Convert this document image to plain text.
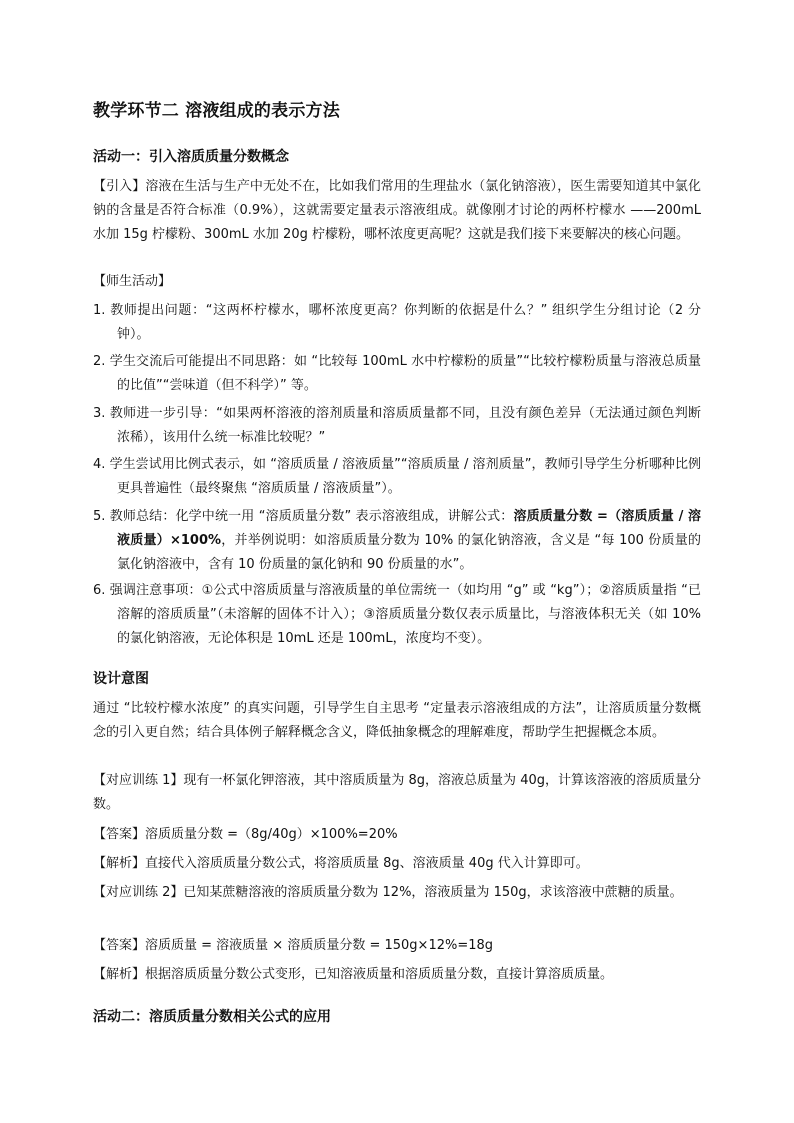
教学环节二 溶液组成的表示方法
活动一：引入溶质质量分数概念
【引入】溶液在生活与生产中无处不在，比如我们常用的生理盐水（氯化钠溶液），医生需要知道其中氯化钠的含量是否符合标准（0.9%），这就需要定量表示溶液组成。就像刚才讨论的两杯柠檬水 ——200mL 水加 15g 柠檬粉、300mL 水加 20g 柠檬粉，哪杯浓度更高呢？这就是我们接下来要解决的核心问题。
【师生活动】
1. 教师提出问题：“这两杯柠檬水，哪杯浓度更高？你判断的依据是什么？” 组织学生分组讨论（2 分钟）。
2. 学生交流后可能提出不同思路：如 “比较每 100mL 水中柠檬粉的质量”“比较柠檬粉质量与溶液总质量的比值”“尝味道（但不科学）” 等。
3. 教师进一步引导：“如果两杯溶液的溶剂质量和溶质质量都不同，且没有颜色差异（无法通过颜色判断浓稀），该用什么统一标准比较呢？”
4. 学生尝试用比例式表示，如 “溶质质量 / 溶液质量”“溶质质量 / 溶剂质量”，教师引导学生分析哪种比例更具普遍性（最终聚焦 “溶质质量 / 溶液质量”）。
5. 教师总结：化学中统一用 “溶质质量分数” 表示溶液组成，讲解公式：溶质质量分数 =（溶质质量 / 溶液质量）×100%，并举例说明：如溶质质量分数为 10% 的氯化钠溶液，含义是 “每 100 份质量的氯化钠溶液中，含有 10 份质量的氯化钠和 90 份质量的水”。
6. 强调注意事项：①公式中溶质质量与溶液质量的单位需统一（如均用 “g” 或 “kg”）；②溶质质量指 “已溶解的溶质质量”（未溶解的固体不计入）；③溶质质量分数仅表示质量比，与溶液体积无关（如 10% 的氯化钠溶液，无论体积是 10mL 还是 100mL，浓度均不变）。
设计意图
通过 “比较柠檬水浓度” 的真实问题，引导学生自主思考 “定量表示溶液组成的方法”，让溶质质量分数概念的引入更自然；结合具体例子解释概念含义，降低抽象概念的理解难度，帮助学生把握概念本质。
【对应训练 1】现有一杯氯化钾溶液，其中溶质质量为 8g，溶液总质量为 40g，计算该溶液的溶质质量分数。
【答案】溶质质量分数 =（8g/40g）×100%=20%
【解析】直接代入溶质质量分数公式，将溶质质量 8g、溶液质量 40g 代入计算即可。
【对应训练 2】已知某蔗糖溶液的溶质质量分数为 12%，溶液质量为 150g，求该溶液中蔗糖的质量。
【答案】溶质质量 = 溶液质量 × 溶质质量分数 = 150g×12%=18g
【解析】根据溶质质量分数公式变形，已知溶液质量和溶质质量分数，直接计算溶质质量。
活动二：溶质质量分数相关公式的应用
